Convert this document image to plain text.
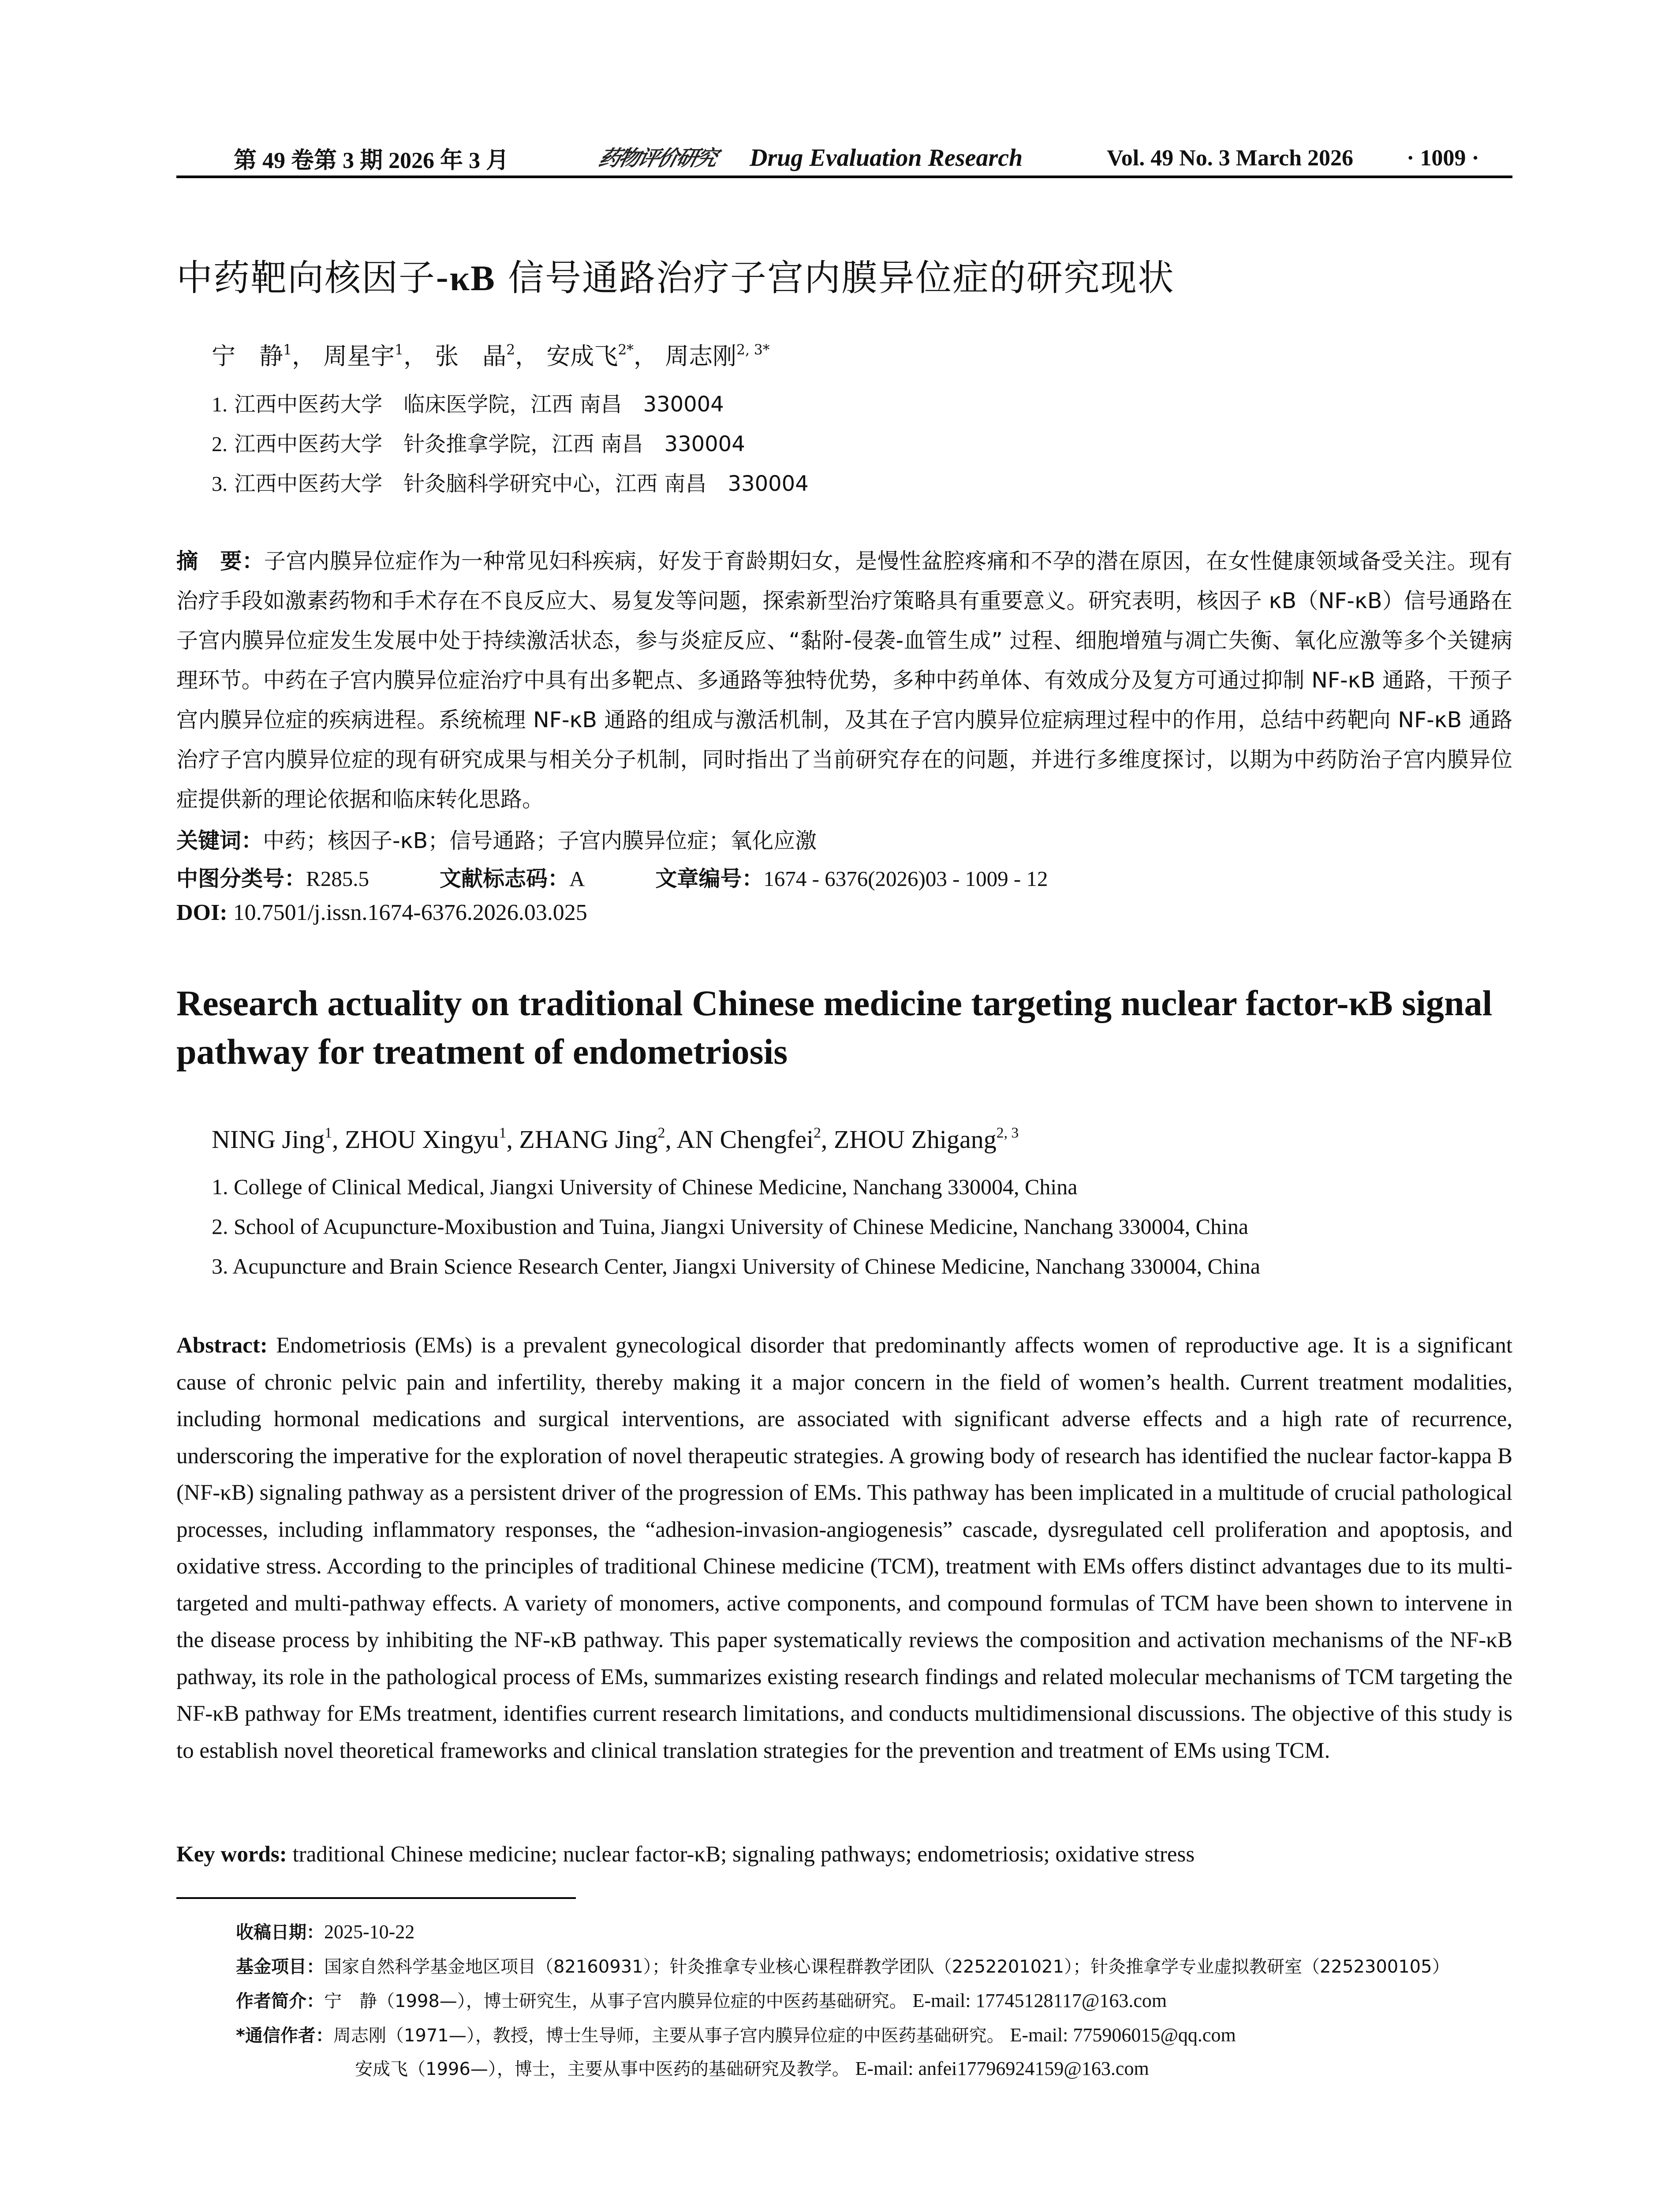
第 49 卷第 3 期 2026 年 3 月	药物评价研究 Drug Evaluation Research	Vol. 49 No. 3 March 2026 · 1009 ·
中药靶向核因子-κB 信号通路治疗子宫内膜异位症的研究现状
宁　静$^1$， 周星宇$^1$， 张　晶$^2$， 安成飞$^{2*}$， 周志刚$^{2, 3*}$
1. 江西中医药大学　临床医学院，江西 南昌　330004
2. 江西中医药大学　针灸推拿学院，江西 南昌　330004
3. 江西中医药大学　针灸脑科学研究中心，江西 南昌　330004
摘　要：子宫内膜异位症作为一种常见妇科疾病，好发于育龄期妇女，是慢性盆腔疼痛和不孕的潜在原因，在女性健康领域备受关注。现有治疗手段如激素药物和手术存在不良反应大、易复发等问题，探索新型治疗策略具有重要意义。研究表明，核因子 κB（NF-κB）信号通路在子宫内膜异位症发生发展中处于持续激活状态，参与炎症反应、“黏附-侵袭-血管生成” 过程、细胞增殖与凋亡失衡、氧化应激等多个关键病理环节。中药在子宫内膜异位症治疗中具有出多靶点、多通路等独特优势，多种中药单体、有效成分及复方可通过抑制 NF-κB 通路，干预子宫内膜异位症的疾病进程。系统梳理 NF-κB 通路的组成与激活机制，及其在子宫内膜异位症病理过程中的作用，总结中药靶向 NF-κB 通路治疗子宫内膜异位症的现有研究成果与相关分子机制，同时指出了当前研究存在的问题，并进行多维度探讨，以期为中药防治子宫内膜异位症提供新的理论依据和临床转化思路。
关键词：中药；核因子-κB；信号通路；子宫内膜异位症；氧化应激
中图分类号：R285.5	文献标志码：A	文章编号：1674 - 6376(2026)03 - 1009 - 12
DOI: 10.7501/j.issn.1674-6376.2026.03.025
Research actuality on traditional Chinese medicine targeting nuclear factor-κB signal pathway for treatment of endometriosis
NING Jing$^1$, ZHOU Xingyu$^1$, ZHANG Jing$^2$, AN Chengfei$^2$, ZHOU Zhigang$^{2, 3}$
1. College of Clinical Medical, Jiangxi University of Chinese Medicine, Nanchang 330004, China
2. School of Acupuncture-Moxibustion and Tuina, Jiangxi University of Chinese Medicine, Nanchang 330004, China
3. Acupuncture and Brain Science Research Center, Jiangxi University of Chinese Medicine, Nanchang 330004, China
Abstract: Endometriosis (EMs) is a prevalent gynecological disorder that predominantly affects women of reproductive age. It is a significant cause of chronic pelvic pain and infertility, thereby making it a major concern in the field of women’s health. Current treatment modalities, including hormonal medications and surgical interventions, are associated with significant adverse effects and a high rate of recurrence, underscoring the imperative for the exploration of novel therapeutic strategies. A growing body of research has identified the nuclear factor-kappa B (NF-κB) signaling pathway as a persistent driver of the progression of EMs. This pathway has been implicated in a multitude of crucial pathological processes, including inflammatory responses, the “adhesion-invasion-angiogenesis” cascade, dysregulated cell proliferation and apoptosis, and oxidative stress. According to the principles of traditional Chinese medicine (TCM), treatment with EMs offers distinct advantages due to its multi-targeted and multi-pathway effects. A variety of monomers, active components, and compound formulas of TCM have been shown to intervene in the disease process by inhibiting the NF-κB pathway. This paper systematically reviews the composition and activation mechanisms of the NF-κB pathway, its role in the pathological process of EMs, summarizes existing research findings and related molecular mechanisms of TCM targeting the NF-κB pathway for EMs treatment, identifies current research limitations, and conducts multidimensional discussions. The objective of this study is to establish novel theoretical frameworks and clinical translation strategies for the prevention and treatment of EMs using TCM.
Key words: traditional Chinese medicine; nuclear factor-κB; signaling pathways; endometriosis; oxidative stress
收稿日期：2025-10-22
基金项目：国家自然科学基金地区项目（82160931）；针灸推拿专业核心课程群教学团队（2252201021）；针灸推拿学专业虚拟教研室（2252300105）
作者简介：宁　静（1998—），博士研究生，从事子宫内膜异位症的中医药基础研究。 E-mail: 17745128117@163.com
*通信作者：周志刚（1971—），教授，博士生导师，主要从事子宫内膜异位症的中医药基础研究。 E-mail: 775906015@qq.com
安成飞（1996—），博士，主要从事中医药的基础研究及教学。 E-mail: anfei17796924159@163.com
